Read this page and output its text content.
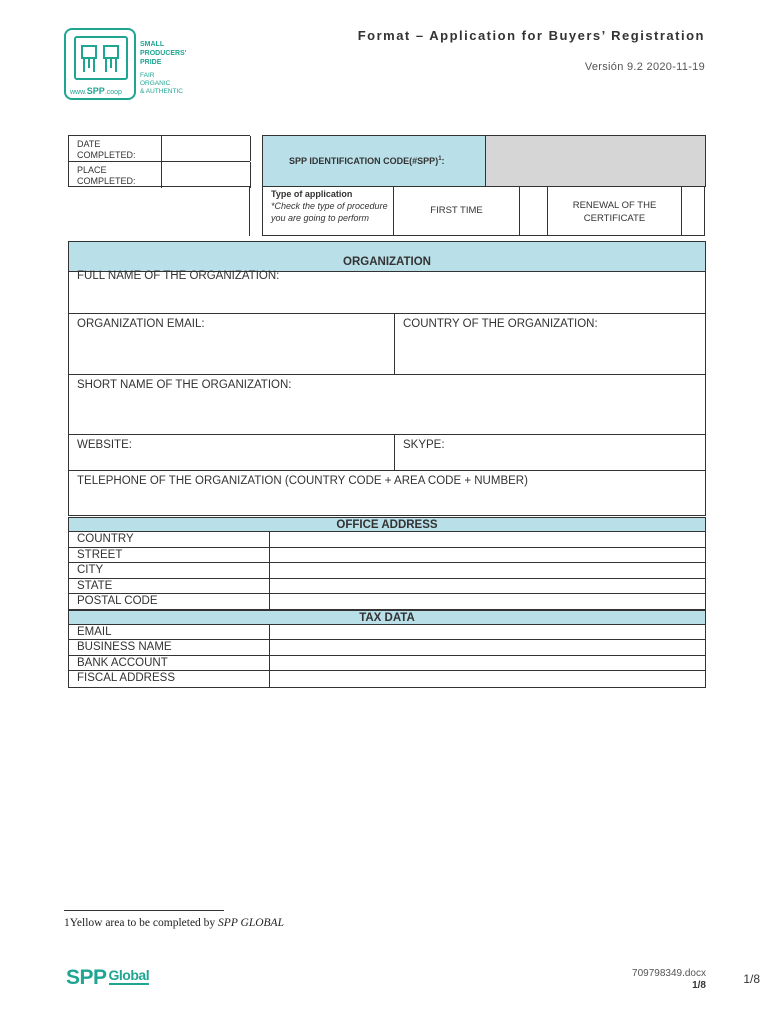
www.SPP.coop
SMALL
PRODUCERS'
PRIDE
FAIR
ORGANIC
& AUTHENTIC
Format – Application for Buyers’ Registration
Versión 9.2 2020-11-19
DATE COMPLETED:
PLACE COMPLETED:
SPP IDENTIFICATION CODE(#SPP)$^1$:
Type of application
*Check the type of procedure you are going to perform
FIRST TIME	RENEWAL OF THE CERTIFICATE
ORGANIZATION
FULL NAME OF THE ORGANIZATION:
ORGANIZATION EMAIL:	COUNTRY OF THE ORGANIZATION:
SHORT NAME OF THE ORGANIZATION:
WEBSITE:	SKYPE:
TELEPHONE OF THE ORGANIZATION (COUNTRY CODE + AREA CODE + NUMBER)
OFFICE ADDRESS
COUNTRY
STREET
CITY
STATE
POSTAL CODE
TAX DATA
EMAIL
BUSINESS NAME
BANK ACCOUNT
FISCAL ADDRESS
1Yellow area to be completed by SPP GLOBAL
SPP Global	709798349.docx
1/8	1/8
